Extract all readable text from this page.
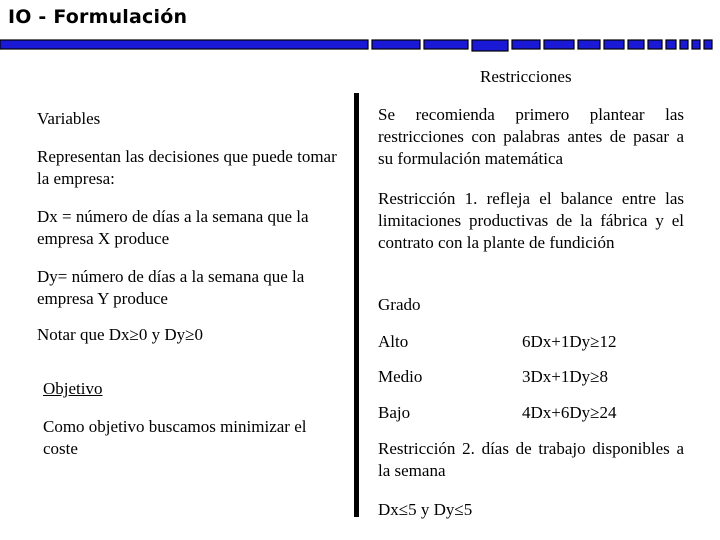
IO - Formulación
Restricciones
Variables
Representan las decisiones que puede tomar la empresa:
Dx = número de días a la semana que la empresa X produce
Dy= número de días a la semana que la empresa Y produce
Notar que Dx≥0 y Dy≥0
Objetivo
Como objetivo buscamos minimizar el coste
Se recomienda primero plantear las restricciones con palabras antes de pasar a su formulación matemática
Restricción 1. refleja el balance entre las limitaciones productivas de la fábrica y el contrato con la plante de fundición
Grado
Alto	6Dx+1Dy≥12
Medio	3Dx+1Dy≥8
Bajo	4Dx+6Dy≥24
Restricción 2. días de trabajo disponibles a la semana
Dx≤5 y Dy≤5
